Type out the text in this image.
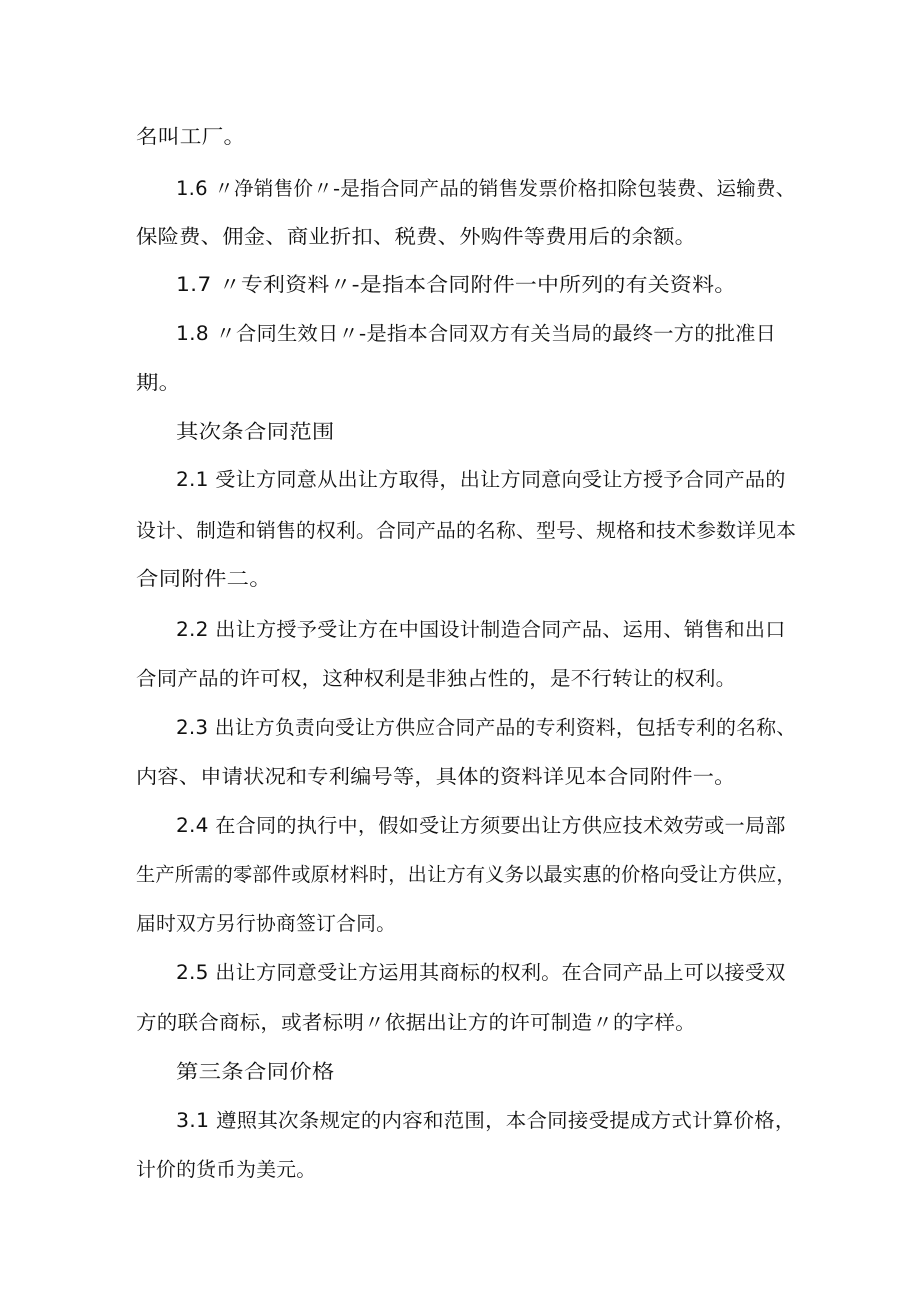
名叫工厂。
1.6 〃净销售价〃-是指合同产品的销售发票价格扣除包装费、运输费、
保险费、佣金、商业折扣、税费、外购件等费用后的余额。
1.7 〃专利资料〃-是指本合同附件一中所列的有关资料。
1.8 〃合同生效日〃-是指本合同双方有关当局的最终一方的批准日
期。
其次条合同范围
2.1 受让方同意从出让方取得，出让方同意向受让方授予合同产品的
设计、制造和销售的权利。合同产品的名称、型号、规格和技术参数详见本
合同附件二。
2.2 出让方授予受让方在中国设计制造合同产品、运用、销售和出口
合同产品的许可权，这种权利是非独占性的，是不行转让的权利。
2.3 出让方负责向受让方供应合同产品的专利资料，包括专利的名称、
内容、申请状况和专利编号等，具体的资料详见本合同附件一。
2.4 在合同的执行中，假如受让方须要出让方供应技术效劳或一局部
生产所需的零部件或原材料时，出让方有义务以最实惠的价格向受让方供应，
届时双方另行协商签订合同。
2.5 出让方同意受让方运用其商标的权利。在合同产品上可以接受双
方的联合商标，或者标明〃依据出让方的许可制造〃的字样。
第三条合同价格
3.1 遵照其次条规定的内容和范围，本合同接受提成方式计算价格，
计价的货币为美元。
